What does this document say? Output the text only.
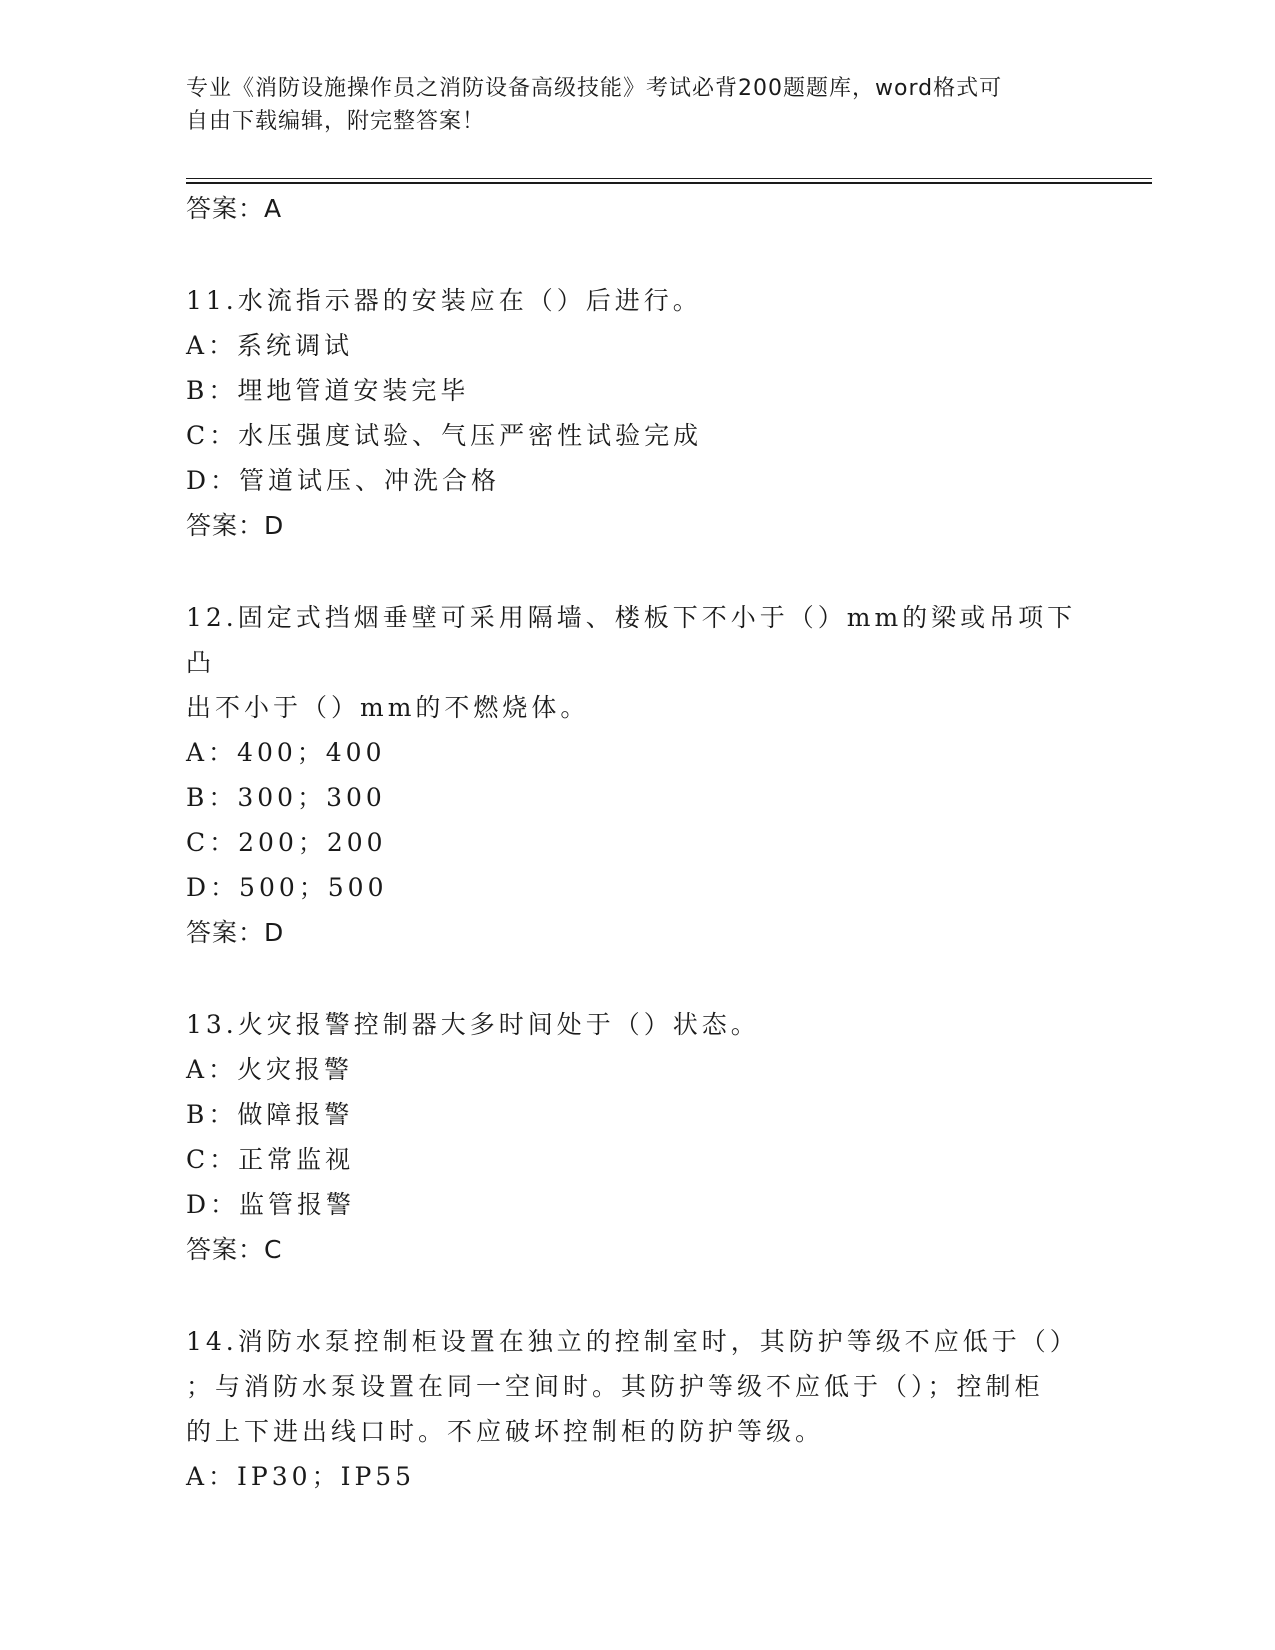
专业《消防设施操作员之消防设备高级技能》考试必背200题题库，word格式可
自由下载编辑，附完整答案！
答案：A
11.水流指示器的安装应在（）后进行。
A：系统调试
B：埋地管道安装完毕
C：水压强度试验、气压严密性试验完成
D：管道试压、冲洗合格
答案：D
12.固定式挡烟垂壁可采用隔墙、楼板下不小于（）mm的梁或吊项下凸
出不小于（）mm的不燃烧体。
A：400；400
B：300；300
C：200；200
D：500；500
答案：D
13.火灾报警控制器大多时间处于（）状态。
A：火灾报警
B：做障报警
C：正常监视
D：监管报警
答案：C
14.消防水泵控制柜设置在独立的控制室时，其防护等级不应低于（）
；与消防水泵设置在同一空间时。其防护等级不应低于（）；控制柜
的上下进出线口时。不应破坏控制柜的防护等级。
A：IP30；IP55
